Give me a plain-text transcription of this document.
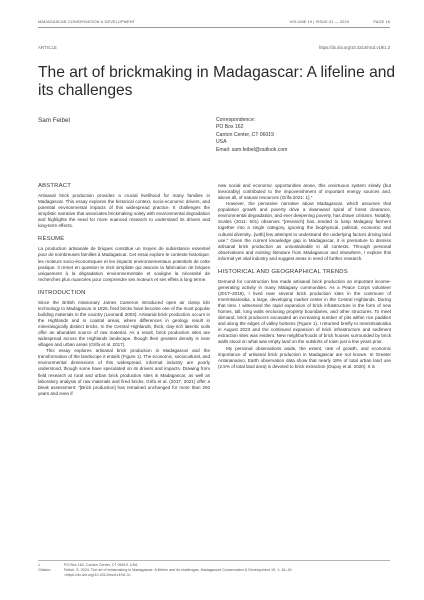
MADAGASCAR CONSERVATION & DEVELOPMENT	VOLUME 19 | ISSUE 01 — 2024	PAGE 16
ARTICLE	https://dx.doi.org/10.4314/mcd.v19i1.3
The art of brickmaking in Madagascar: A lifeline and its challenges
Sam Feibel	Correspondence:
PO Box 162
Canton Center, CT 06019
USA
Email: sam.feibel@outlook.com
ABSTRACT

Artisanal brick production provides a crucial livelihood for many families in Madagascar. This essay explores the historical context, socio-economic drivers, and potential environmental impacts of this widespread practice. It challenges the simplistic narrative that associates brickmaking solely with environmental degradation and highlights the need for more nuanced research to understand its drivers and long-term effects.

RÉSUMÉ

La production artisanale de briques constitue un moyen de subsistance essentiel pour de nombreuses familles à Madagascar. Cet essai explore le contexte historique, les moteurs socio-économiques et les impacts environnementaux potentiels de cette pratique. Il remet en question le récit simpliste qui associe la fabrication de briques uniquement à la dégradation environnementale et souligne la nécessité de recherches plus nuancées pour comprendre ses moteurs et ses effets à long terme.

INTRODUCTION

Since the British missionary James Cameron introduced open air clamp kiln technology to Madagascar in 1826, fired bricks have become one of the most popular building materials in the country (Leonardi 2003). Artisanal brick production occurs in the Highlands and in coastal areas, where differences in geology result in mineralogically distinct bricks. In the Central Highlands, thick, clay-rich lateritic soils offer an abundant source of raw material. As a result, brick production sites are widespread across the Highlands landscape, though their greatest density is near villages and urban areas (Grifa et al. 2017).

This essay explores artisanal brick production in Madagascar and the transformation of the landscope it entails (Figure 1). The economic, sociocultural, and environmental dimensions of this widespread, informal industry are poorly understood, though some have speculated on its drivers and impacts. Drawing from field research at rural and urban brick production sites in Madagascar, as well as laboratory analysis of raw materials and fired bricks, Grifa et al. (2017, 2021) offer a bleak assessment: "[Brick production] has remained unchanged for more than 200 years and even if

new social and economic opportunities arose, this unvirtuous system slowly (but inexorably) contributed to the impoverishment of important energy sources and, above all, of natural resources (Grifa 2021: 1)."

However, the pervasive narrative about Madagascar, which assumes that population growth and poverty drive a downward spiral of forest clearance, environmental degradation, and ever deepening poverty, has drawn criticism. Notably, Scales (2011: 501) observes "[research] has...tended to lump Malagasy farmers together into a single category, ignoring the biophysical, political, economic and cultural diversity...[with] few attempts to understand the underlying factors driving land use." Given the current knowledge gap in Madagascar, it is premature to dismiss artisanal brick production as unsustainable in all contexts. Through personal observations and existing literature from Madagascar and elsewhere, I explore this informal yet vital industry and suggest areas in need of further research.

HISTORICAL AND GEOGRAPHICAL TRENDS

Demand for construction has made artisanal brick production an important income-generating activity in many Malagasy communities. As a Peace Corps volunteer (2017–2019), I lived near several brick production sites in the commune of Imerintsiatosika, a large, developing market center in the Central Highlands. During that time, I witnessed the rapid expansion of brick infrastructure in the form of new homes, tall, long walls enclosing property boundaries, and other structures. To meet demand, brick producers excavated an increasing number of pits within rice paddies and along the edges of valley bottoms (Figure 1). I returned briefly to Imerintsiatosika in August 2023 and the continued expansion of brick infrastructure and sediment extraction sites was evident. New neighborhoods of brick houses surrounded by brick walls stood on what was empty land on the outskirts of town just a few years prior.

My personal observations aside, the extent, rate of growth, and economic importance of artisanal brick production in Madagascar are not known. In Greater Antananarivo, Earth observation data show that nearly 18% of total urban land use (2.5% of total land area) is devoted to brick extraction (Dupuy et al. 2020). It is

1
Citation
PO Box 162, Canton Center, CT 06019, USA
Feibel, S. 2024. The art of brickmaking in Madagascar: A lifeline and its challenges. Madagascar Conservation & Development 19, 1: 16–19.
<https://dx.doi.org/10.4314/mcd.v19i1.3>
